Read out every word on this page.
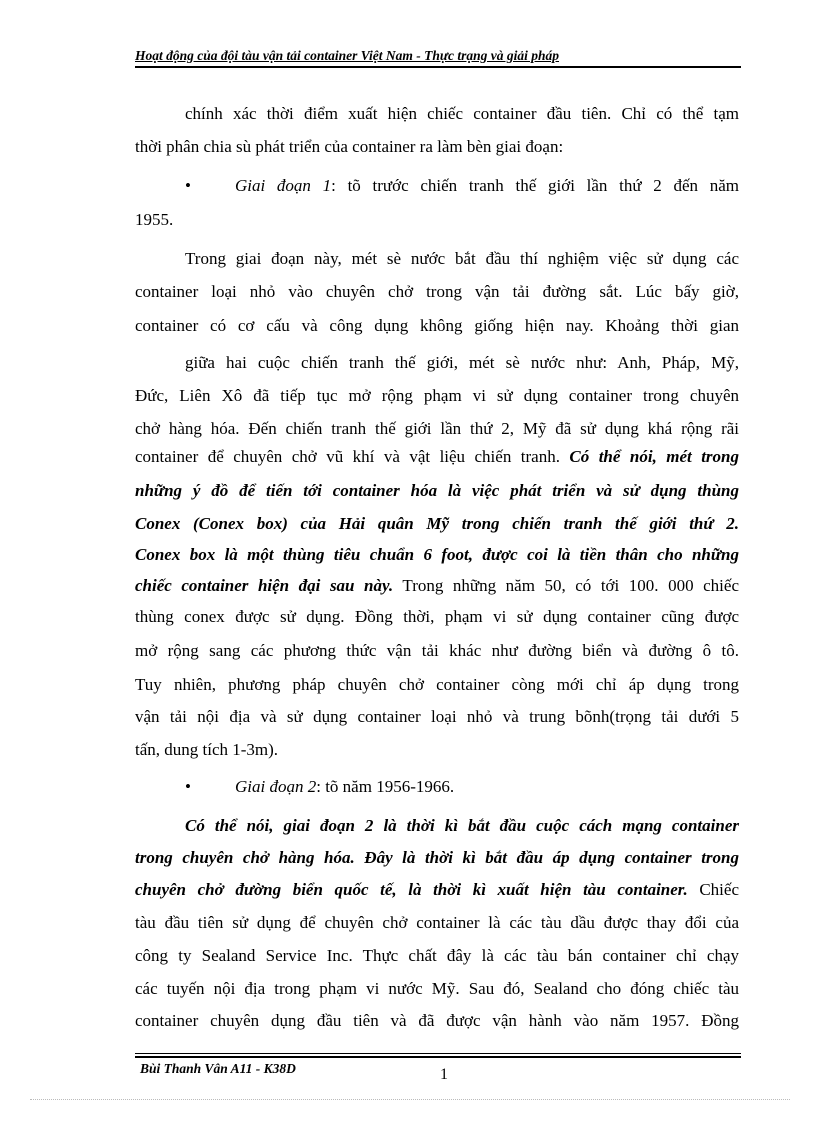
Hoạt động của đội tàu vận tải container Việt Nam - Thực trạng và giải pháp
chính xác thời điểm xuất hiện chiếc container đầu tiên. Chỉ có thể tạm
thời phân chia sù phát triển của container ra làm bèn giai đoạn:
•	Giai đoạn 1: tõ trước chiến tranh thế giới lần thứ 2 đến năm
1955.
Trong giai đoạn này, mét sè nước bắt đầu thí nghiệm việc sử dụng các
container loại nhỏ vào chuyên chở trong vận tải đường sắt. Lúc bấy giờ,
container có cơ cấu và công dụng không giống hiện nay. Khoảng thời gian
giữa hai cuộc chiến tranh thế giới, mét sè nước như: Anh, Pháp, Mỹ,
Đức, Liên Xô đã tiếp tục mở rộng phạm vi sử dụng container trong chuyên
chở hàng hóa. Đến chiến tranh thế giới lần thứ 2, Mỹ đã sử dụng khá rộng rãi
container để chuyên chở vũ khí và vật liệu chiến tranh. Có thể nói, mét trong
những ý đồ để tiến tới container hóa là việc phát triển và sử dụng thùng
Conex (Conex box) của Hải quân Mỹ trong chiến tranh thế giới thứ 2.
Conex box là một thùng tiêu chuẩn 6 foot, được coi là tiền thân cho những
chiếc container hiện đại sau này. Trong những năm 50, có tới 100. 000 chiếc
thùng conex được sử dụng. Đồng thời, phạm vi sử dụng container cũng được
mở rộng sang các phương thức vận tải khác như đường biển và đường ô tô.
Tuy nhiên, phương pháp chuyên chở container còng mới chỉ áp dụng trong
vận tải nội địa và sử dụng container loại nhỏ và trung bõnh(trọng tải dưới 5
tấn, dung tích 1-3m).
•	Giai đoạn 2: tõ năm 1956-1966.
Có thể nói, giai đoạn 2 là thời kì bắt đầu cuộc cách mạng container
trong chuyên chở hàng hóa. Đây là thời kì bắt đầu áp dụng container trong
chuyên chở đường biển quốc tế, là thời kì xuất hiện tàu container. Chiếc
tàu đầu tiên sử dụng để chuyên chở container là các tàu dầu được thay đổi của
công ty Sealand Service Inc. Thực chất đây là các tàu bán container chỉ chạy
các tuyến nội địa trong phạm vi nước Mỹ. Sau đó, Sealand cho đóng chiếc tàu
container chuyên dụng đầu tiên và đã được vận hành vào năm 1957. Đồng
Bùi Thanh Vân A11 - K38D	1
